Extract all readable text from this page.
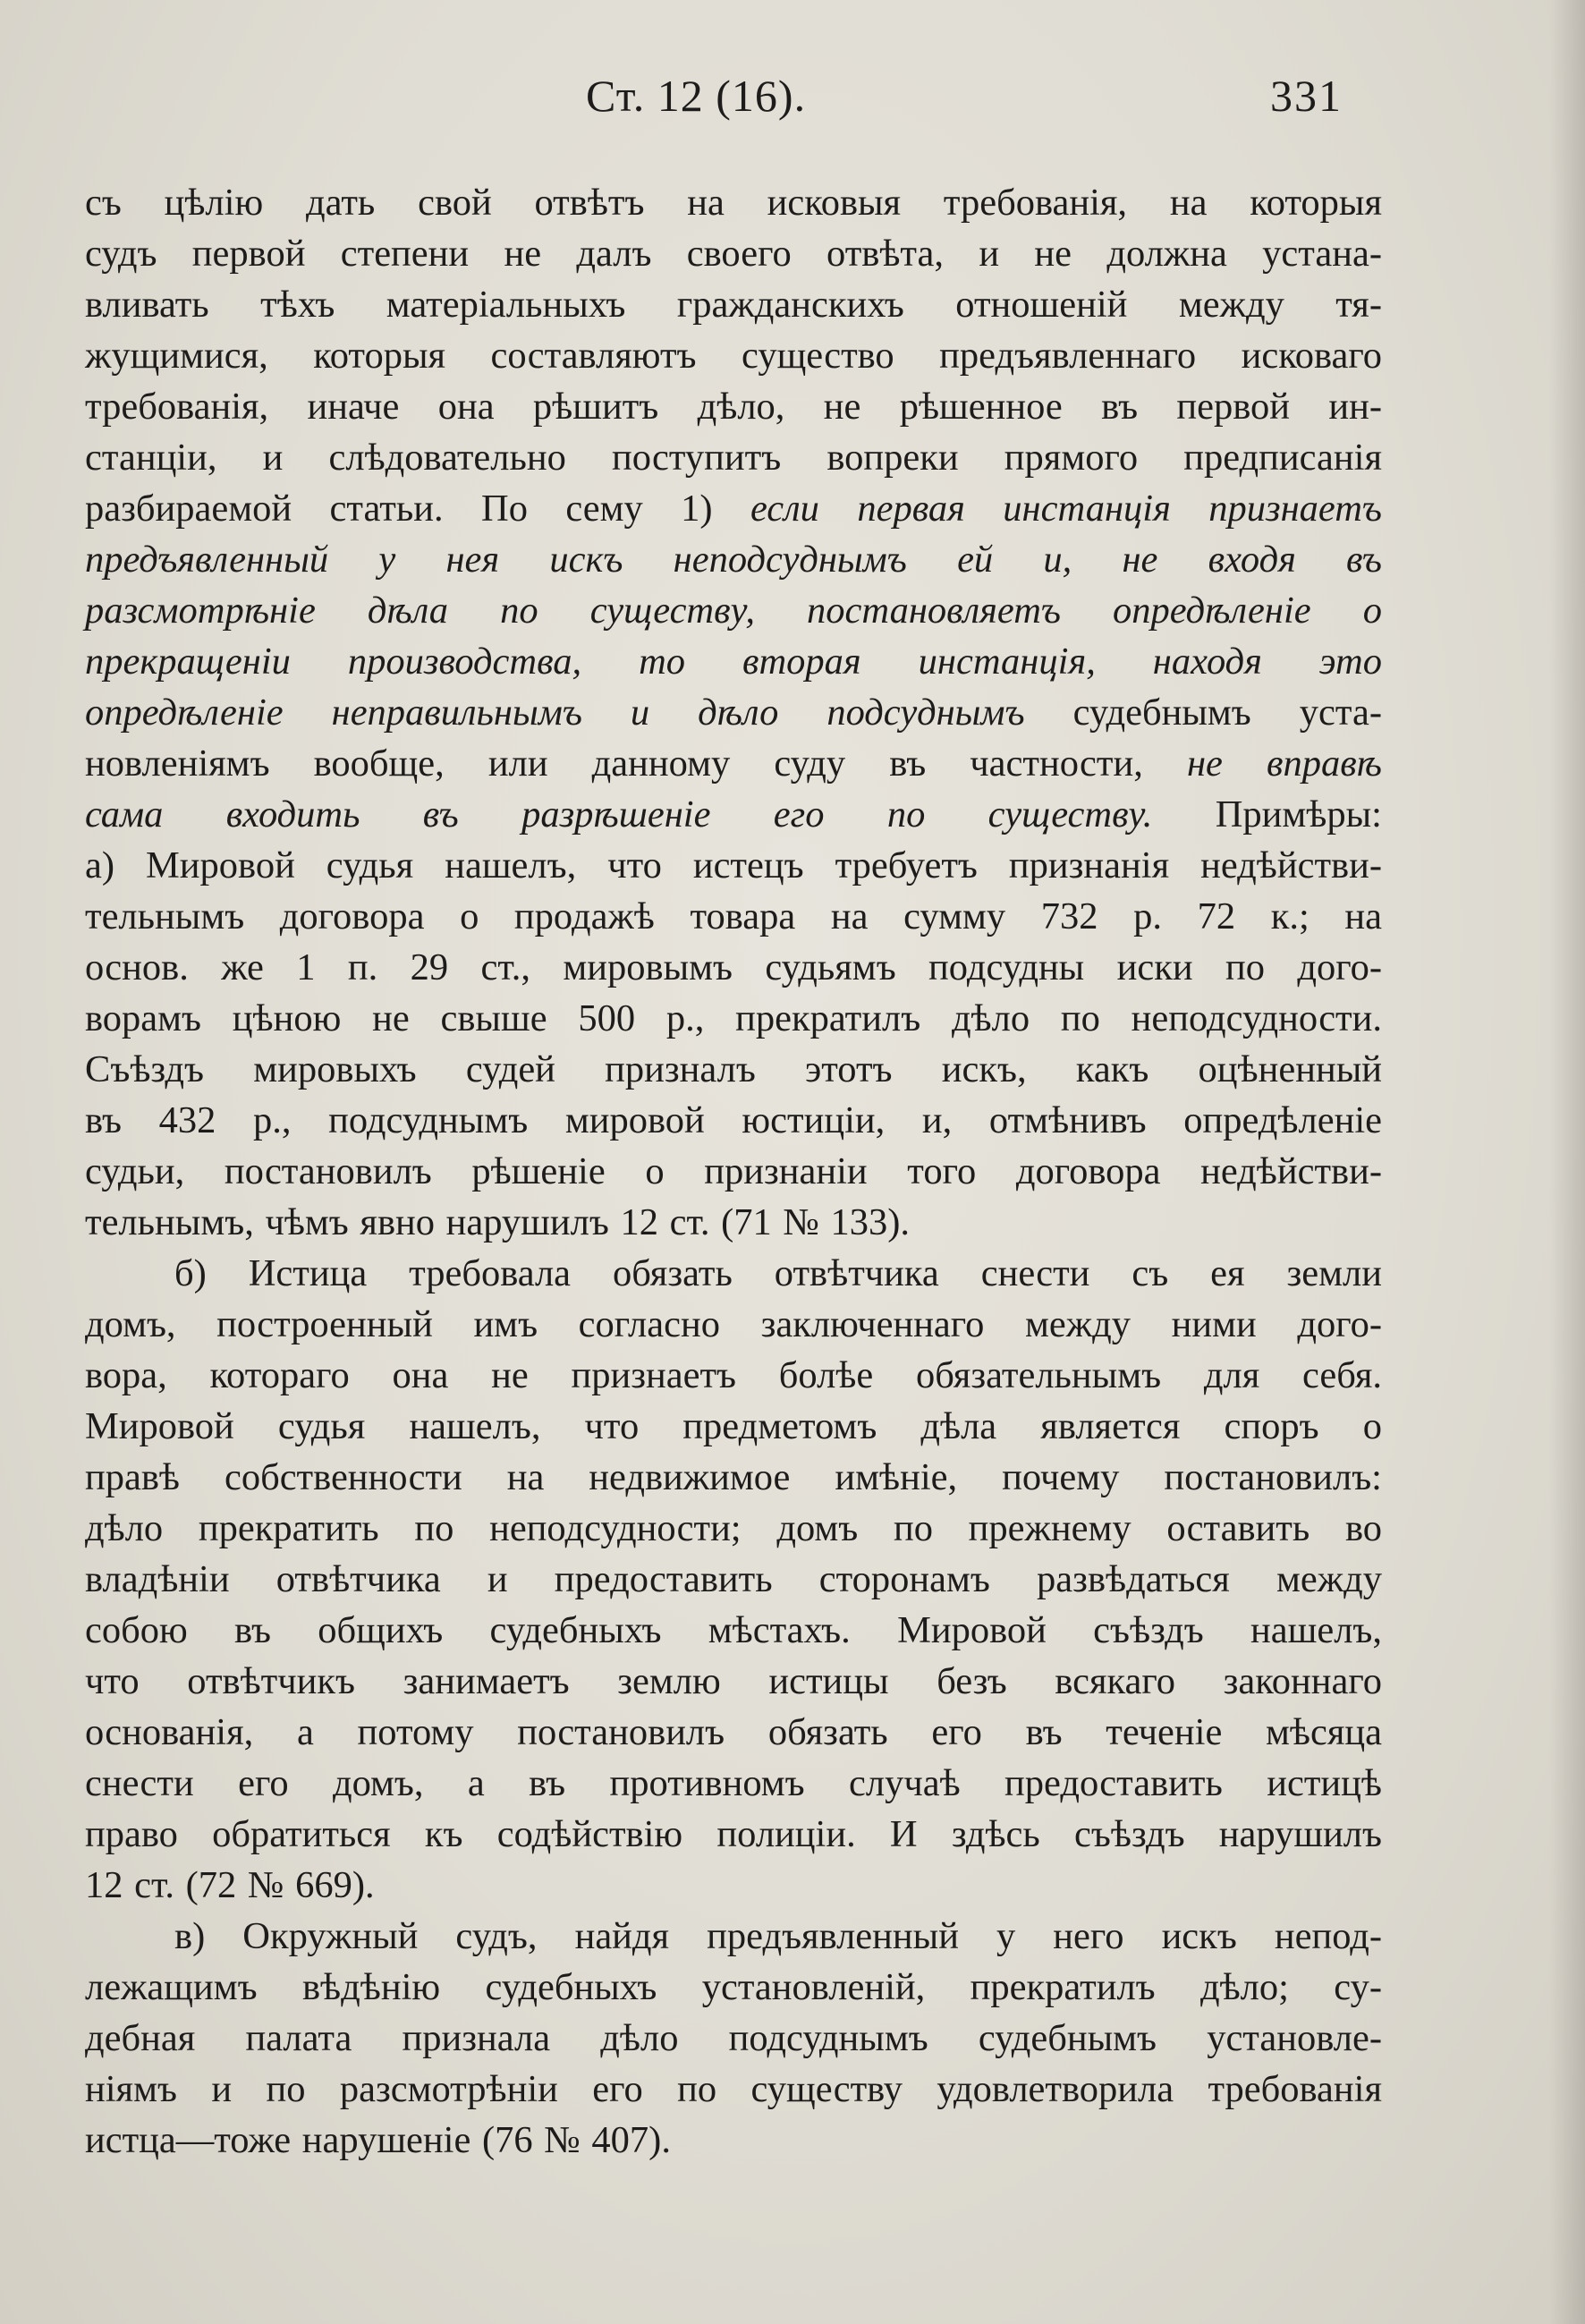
Ст. 12 (16).	331
съ цѣлію дать свой отвѣтъ на исковыя требованія, на которыя
судъ первой степени не далъ своего отвѣта, и не должна устана-
вливать тѣхъ матеріальныхъ гражданскихъ отношеній между тя-
жущимися, которыя составляютъ существо предъявленнаго исковаго
требованія, иначе она рѣшитъ дѣло, не рѣшенное въ первой ин-
станціи, и слѣдовательно поступитъ вопреки прямого предписанія
разбираемой статьи. По сему 1) если первая инстанція признаетъ
предъявленный у нея искъ неподсуднымъ ей и, не входя въ
разсмотрѣніе дѣла по существу, постановляетъ опредѣленіе о
прекращеніи производства, то вторая инстанція, находя это
опредѣленіе неправильнымъ и дѣло подсуднымъ судебнымъ уста-
новленіямъ вообще, или данному суду въ частности, не вправѣ
сама входить въ разрѣшеніе его по существу. Примѣры:
а) Мировой судья нашелъ, что истецъ требуетъ признанія недѣйстви-
тельнымъ договора о продажѣ товара на сумму 732 р. 72 к.; на
основ. же 1 п. 29 ст., мировымъ судьямъ подсудны иски по дого-
ворамъ цѣною не свыше 500 р., прекратилъ дѣло по неподсудности.
Съѣздъ мировыхъ судей призналъ этотъ искъ, какъ оцѣненный
въ 432 р., подсуднымъ мировой юстиціи, и, отмѣнивъ опредѣленіе
судьи, постановилъ рѣшеніе о признаніи того договора недѣйстви-
тельнымъ, чѣмъ явно нарушилъ 12 ст. (71 № 133).
б) Истица требовала обязать отвѣтчика снести съ ея земли
домъ, построенный имъ согласно заключеннаго между ними дого-
вора, котораго она не признаетъ болѣе обязательнымъ для себя.
Мировой судья нашелъ, что предметомъ дѣла является споръ о
правѣ собственности на недвижимое имѣніе, почему постановилъ:
дѣло прекратить по неподсудности; домъ по прежнему оставить во
владѣніи отвѣтчика и предоставить сторонамъ развѣдаться между
собою въ общихъ судебныхъ мѣстахъ. Мировой съѣздъ нашелъ,
что отвѣтчикъ занимаетъ землю истицы безъ всякаго законнаго
основанія, а потому постановилъ обязать его въ теченіе мѣсяца
снести его домъ, а въ противномъ случаѣ предоставить истицѣ
право обратиться къ содѣйствію полиціи. И здѣсь съѣздъ нарушилъ
12 ст. (72 № 669).
в) Окружный судъ, найдя предъявленный у него искъ непод-
лежащимъ вѣдѣнію судебныхъ установленій, прекратилъ дѣло; су-
дебная палата признала дѣло подсуднымъ судебнымъ установле-
ніямъ и по разсмотрѣніи его по существу удовлетворила требованія
истца—тоже нарушеніе (76 № 407).
